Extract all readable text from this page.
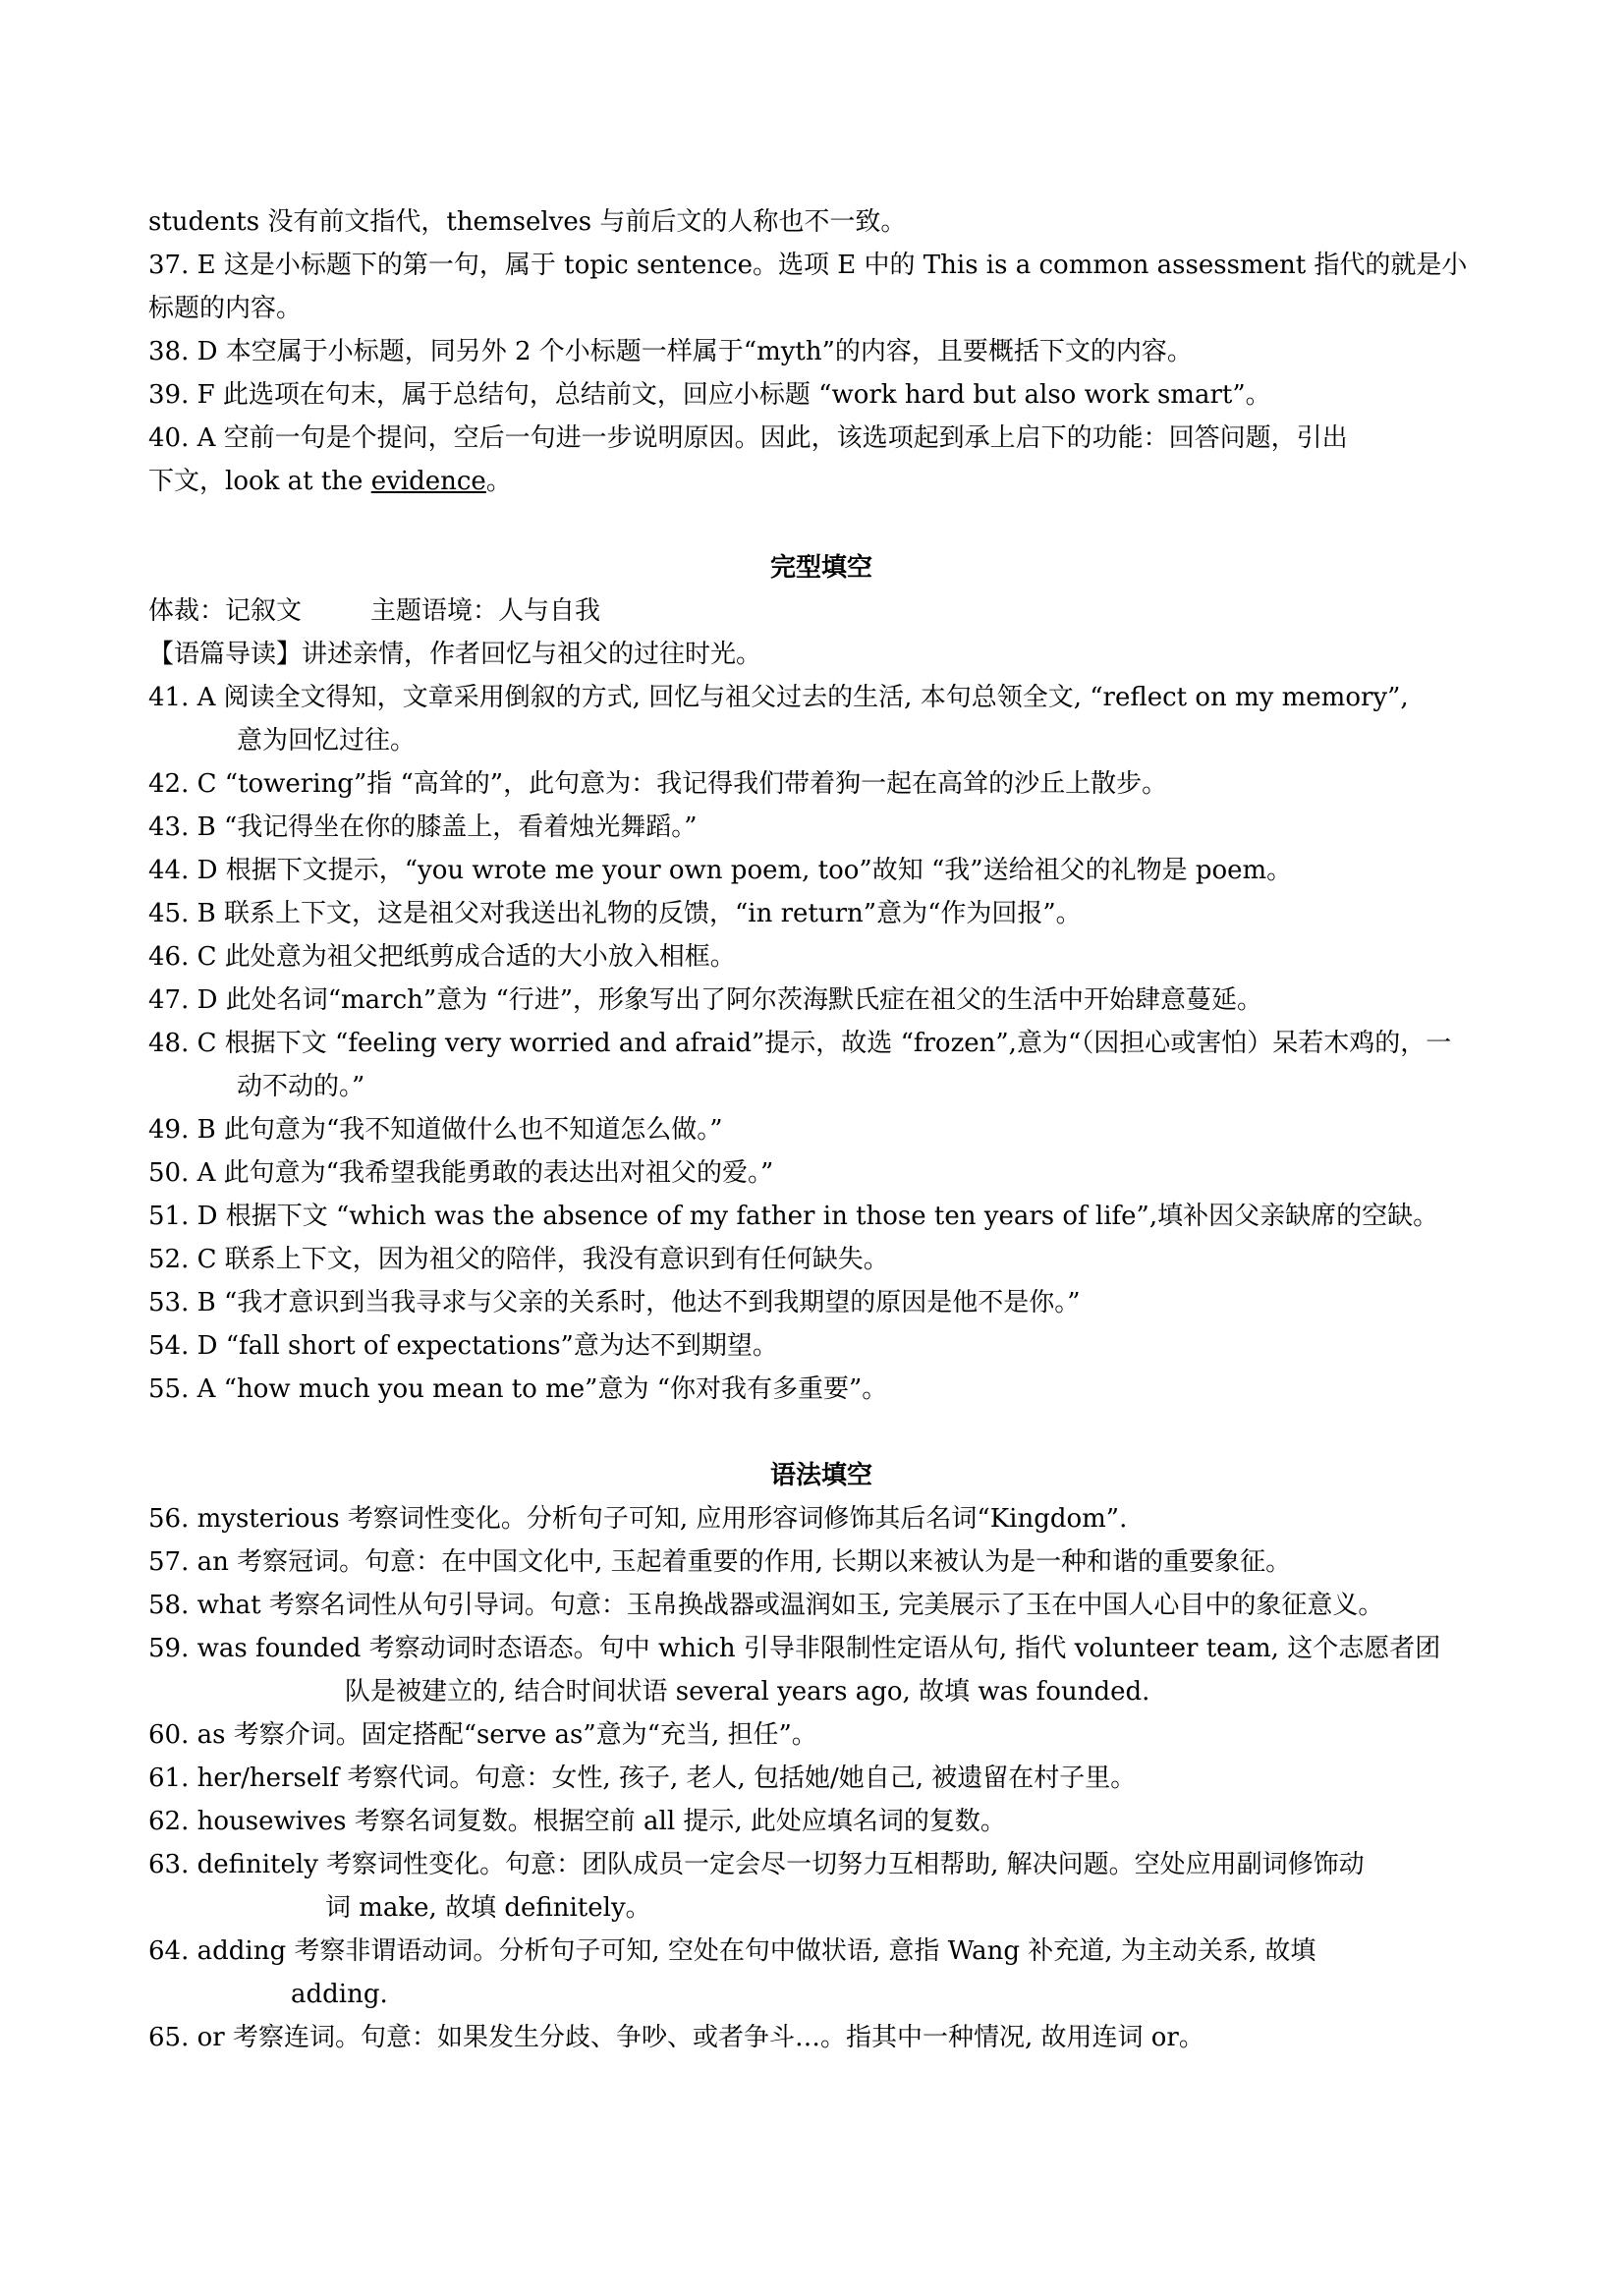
students 没有前文指代，themselves 与前后文的人称也不一致。
37. E 这是小标题下的第一句，属于 topic sentence。选项 E 中的 This is a common assessment 指代的就是小
标题的内容。
38. D 本空属于小标题，同另外 2 个小标题一样属于“myth”的内容，且要概括下文的内容。
39. F 此选项在句末，属于总结句，总结前文，回应小标题 “work hard but also work smart”。
40. A 空前一句是个提问，空后一句进一步说明原因。因此，该选项起到承上启下的功能：回答问题，引出
下文，look at the evidence。
完型填空
体裁：记叙文	主题语境：人与自我
【语篇导读】讲述亲情，作者回忆与祖父的过往时光。
41. A 阅读全文得知，文章采用倒叙的方式, 回忆与祖父过去的生活, 本句总领全文, “reflect on my memory”,
意为回忆过往。
42. C “towering”指 “高耸的”，此句意为：我记得我们带着狗一起在高耸的沙丘上散步。
43. B “我记得坐在你的膝盖上，看着烛光舞蹈。”
44. D 根据下文提示，“you wrote me your own poem, too”故知 “我”送给祖父的礼物是 poem。
45. B 联系上下文，这是祖父对我送出礼物的反馈，“in return”意为“作为回报”。
46. C 此处意为祖父把纸剪成合适的大小放入相框。
47. D 此处名词“march”意为 “行进”，形象写出了阿尔茨海默氏症在祖父的生活中开始肆意蔓延。
48. C 根据下文 “feeling very worried and afraid”提示，故选 “frozen”,意为“（因担心或害怕）呆若木鸡的，一
动不动的。”
49. B 此句意为“我不知道做什么也不知道怎么做。”
50. A 此句意为“我希望我能勇敢的表达出对祖父的爱。”
51. D 根据下文 “which was the absence of my father in those ten years of life”,填补因父亲缺席的空缺。
52. C 联系上下文，因为祖父的陪伴，我没有意识到有任何缺失。
53. B “我才意识到当我寻求与父亲的关系时，他达不到我期望的原因是他不是你。”
54. D “fall short of expectations”意为达不到期望。
55. A “how much you mean to me”意为 “你对我有多重要”。
语法填空
56. mysterious 考察词性变化。分析句子可知, 应用形容词修饰其后名词“Kingdom”.
57. an 考察冠词。句意：在中国文化中, 玉起着重要的作用, 长期以来被认为是一种和谐的重要象征。
58. what 考察名词性从句引导词。句意：玉帛换战器或温润如玉, 完美展示了玉在中国人心目中的象征意义。
59. was founded 考察动词时态语态。句中 which 引导非限制性定语从句, 指代 volunteer team, 这个志愿者团
队是被建立的, 结合时间状语 several years ago, 故填 was founded.
60. as 考察介词。固定搭配“serve as”意为“充当, 担任”。
61. her/herself 考察代词。句意：女性, 孩子, 老人, 包括她/她自己, 被遗留在村子里。
62. housewives 考察名词复数。根据空前 all 提示, 此处应填名词的复数。
63. definitely 考察词性变化。句意：团队成员一定会尽一切努力互相帮助, 解决问题。空处应用副词修饰动
词 make, 故填 definitely。
64. adding 考察非谓语动词。分析句子可知, 空处在句中做状语, 意指 Wang 补充道, 为主动关系, 故填
adding.
65. or 考察连词。句意：如果发生分歧、争吵、或者争斗…。指其中一种情况, 故用连词 or。
